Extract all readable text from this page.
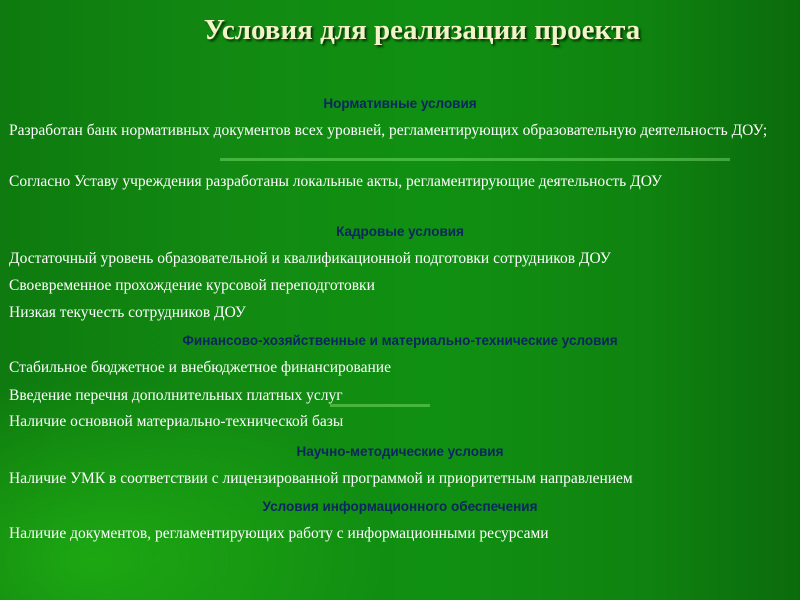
Условия для реализации проекта

Нормативные условия

Разработан банк нормативных документов всех уровней, регламентирующих образовательную деятельность ДОУ;

Согласно Уставу учреждения разработаны локальные акты, регламентирующие деятельность ДОУ

Кадровые условия

Достаточный уровень образовательной и квалификационной подготовки сотрудников ДОУ

Своевременное прохождение курсовой переподготовки

Низкая текучесть сотрудников ДОУ

Финансово-хозяйственные и материально-технические условия

Стабильное бюджетное и внебюджетное финансирование

Введение перечня дополнительных платных услуг

Наличие основной материально-технической базы

Научно-методические условия

Наличие УМК в соответствии с лицензированной программой и приоритетным направлением

Условия информационного обеспечения

Наличие документов, регламентирующих работу с информационными ресурсами
